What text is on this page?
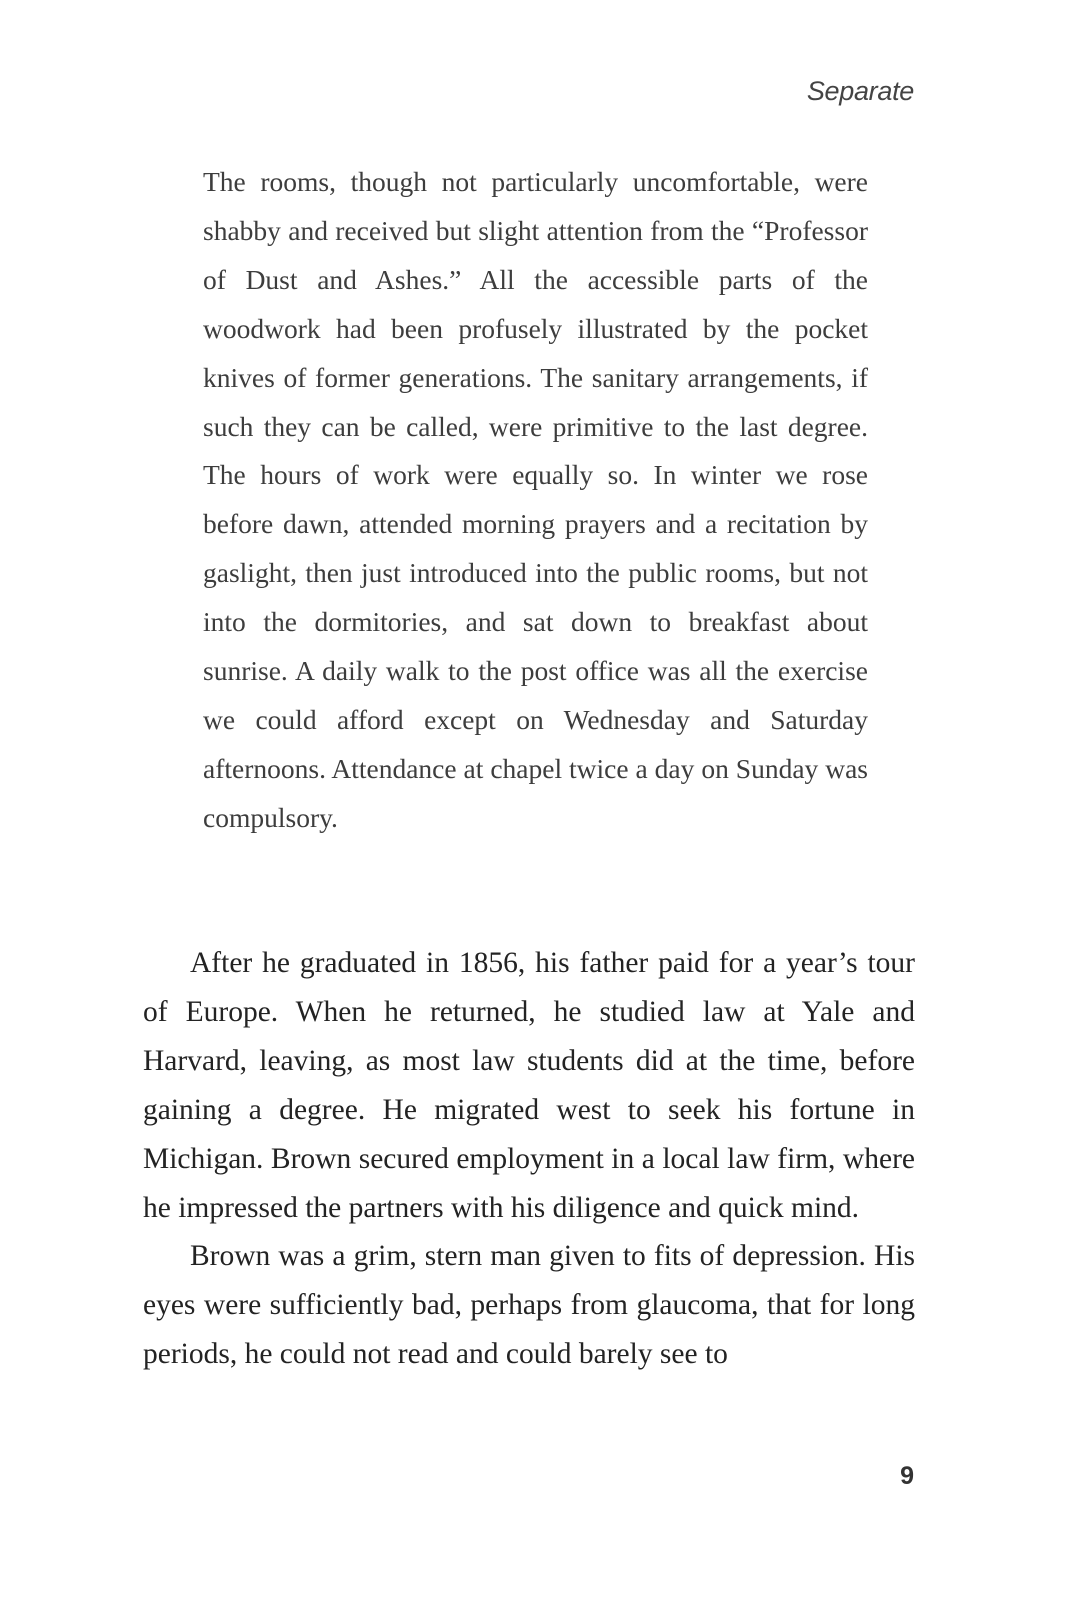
Separate
The rooms, though not particularly uncomfortable, were shabby and received but slight attention from the “Professor of Dust and Ashes.” All the accessible parts of the woodwork had been profusely illustrated by the pocket knives of former generations. The sanitary arrangements, if such they can be called, were primitive to the last degree. The hours of work were equally so. In winter we rose before dawn, attended morning prayers and a recitation by gaslight, then just introduced into the public rooms, but not into the dormitories, and sat down to breakfast about sunrise. A daily walk to the post office was all the exercise we could afford except on Wednesday and Saturday afternoons. Attendance at chapel twice a day on Sunday was compulsory.

After he graduated in 1856, his father paid for a year’s tour of Europe. When he returned, he studied law at Yale and Harvard, leaving, as most law students did at the time, before gaining a degree. He migrated west to seek his fortune in Michigan. Brown secured employment in a local law firm, where he impressed the partners with his diligence and quick mind.

Brown was a grim, stern man given to fits of depression. His eyes were sufficiently bad, perhaps from glaucoma, that for long periods, he could not read and could barely see to

9
